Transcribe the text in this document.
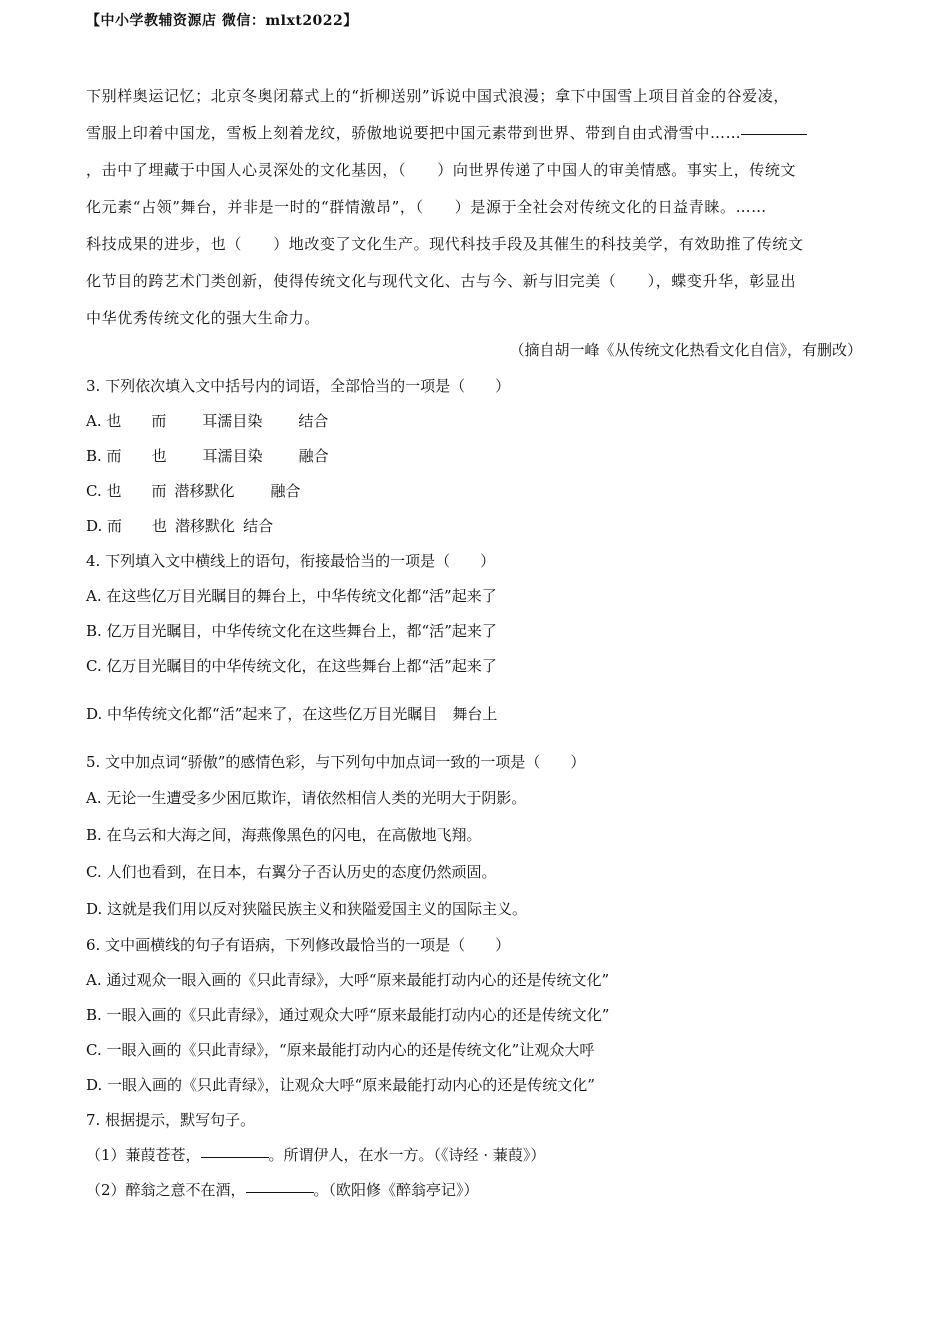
【中小学教辅资源店 微信：mlxt2022】

下别样奥运记忆；北京冬奥闭幕式上的“折柳送别”诉说中国式浪漫；拿下中国雪上项目首金的谷爱凌，

雪服上印着中国龙，雪板上刻着龙纹，骄傲地说要把中国元素带到世界、带到自由式滑雪中……

，击中了埋藏于中国人心灵深处的文化基因，（　　）向世界传递了中国人的审美情感。事实上，传统文

化元素“占领”舞台，并非是一时的“群情激昂”，（　　）是源于全社会对传统文化的日益青睐。……

科技成果的进步，也（　　）地改变了文化生产。现代科技手段及其催生的科技美学，有效助推了传统文

化节目的跨艺术门类创新，使得传统文化与现代文化、古与今、新与旧完美（　　），蝶变升华，彰显出

中华优秀传统文化的强大生命力。

（摘自胡一峰《从传统文化热看文化自信》，有删改）
3. 下列依次填入文中括号内的词语，全部恰当的一项是（　　）
A. 也 而 耳濡目染 结合
B. 而 也 耳濡目染 融合
C. 也 而 潜移默化 融合
D. 而 也 潜移默化 结合
4. 下列填入文中横线上的语句，衔接最恰当的一项是（　　）
A. 在这些亿万目光瞩目的舞台上，中华传统文化都“活”起来了
B. 亿万目光瞩目，中华传统文化在这些舞台上，都“活”起来了
C. 亿万目光瞩目的中华传统文化，在这些舞台上都“活”起来了
D. 中华传统文化都“活”起来了，在这些亿万目光瞩目　舞台上
5. 文中加点词“骄傲”的感情色彩，与下列句中加点词一致的一项是（　　）
A. 无论一生遭受多少困厄欺诈，请依然相信人类的光明大于阴影。
B. 在乌云和大海之间，海燕像黑色的闪电，在高傲地飞翔。
C. 人们也看到，在日本，右翼分子否认历史的态度仍然顽固。
D. 这就是我们用以反对狭隘民族主义和狭隘爱国主义的国际主义。
6. 文中画横线的句子有语病，下列修改最恰当的一项是（　　）
A. 通过观众一眼入画的《只此青绿》，大呼“原来最能打动内心的还是传统文化”
B. 一眼入画的《只此青绿》，通过观众大呼“原来最能打动内心的还是传统文化”
C. 一眼入画的《只此青绿》，“原来最能打动内心的还是传统文化”让观众大呼
D. 一眼入画的《只此青绿》，让观众大呼“原来最能打动内心的还是传统文化”
7. 根据提示，默写句子。
（1）蒹葭苍苍，	。所谓伊人，在水一方。（《诗经 · 蒹葭》）
（2）醉翁之意不在酒，	。（欧阳修《醉翁亭记》）
